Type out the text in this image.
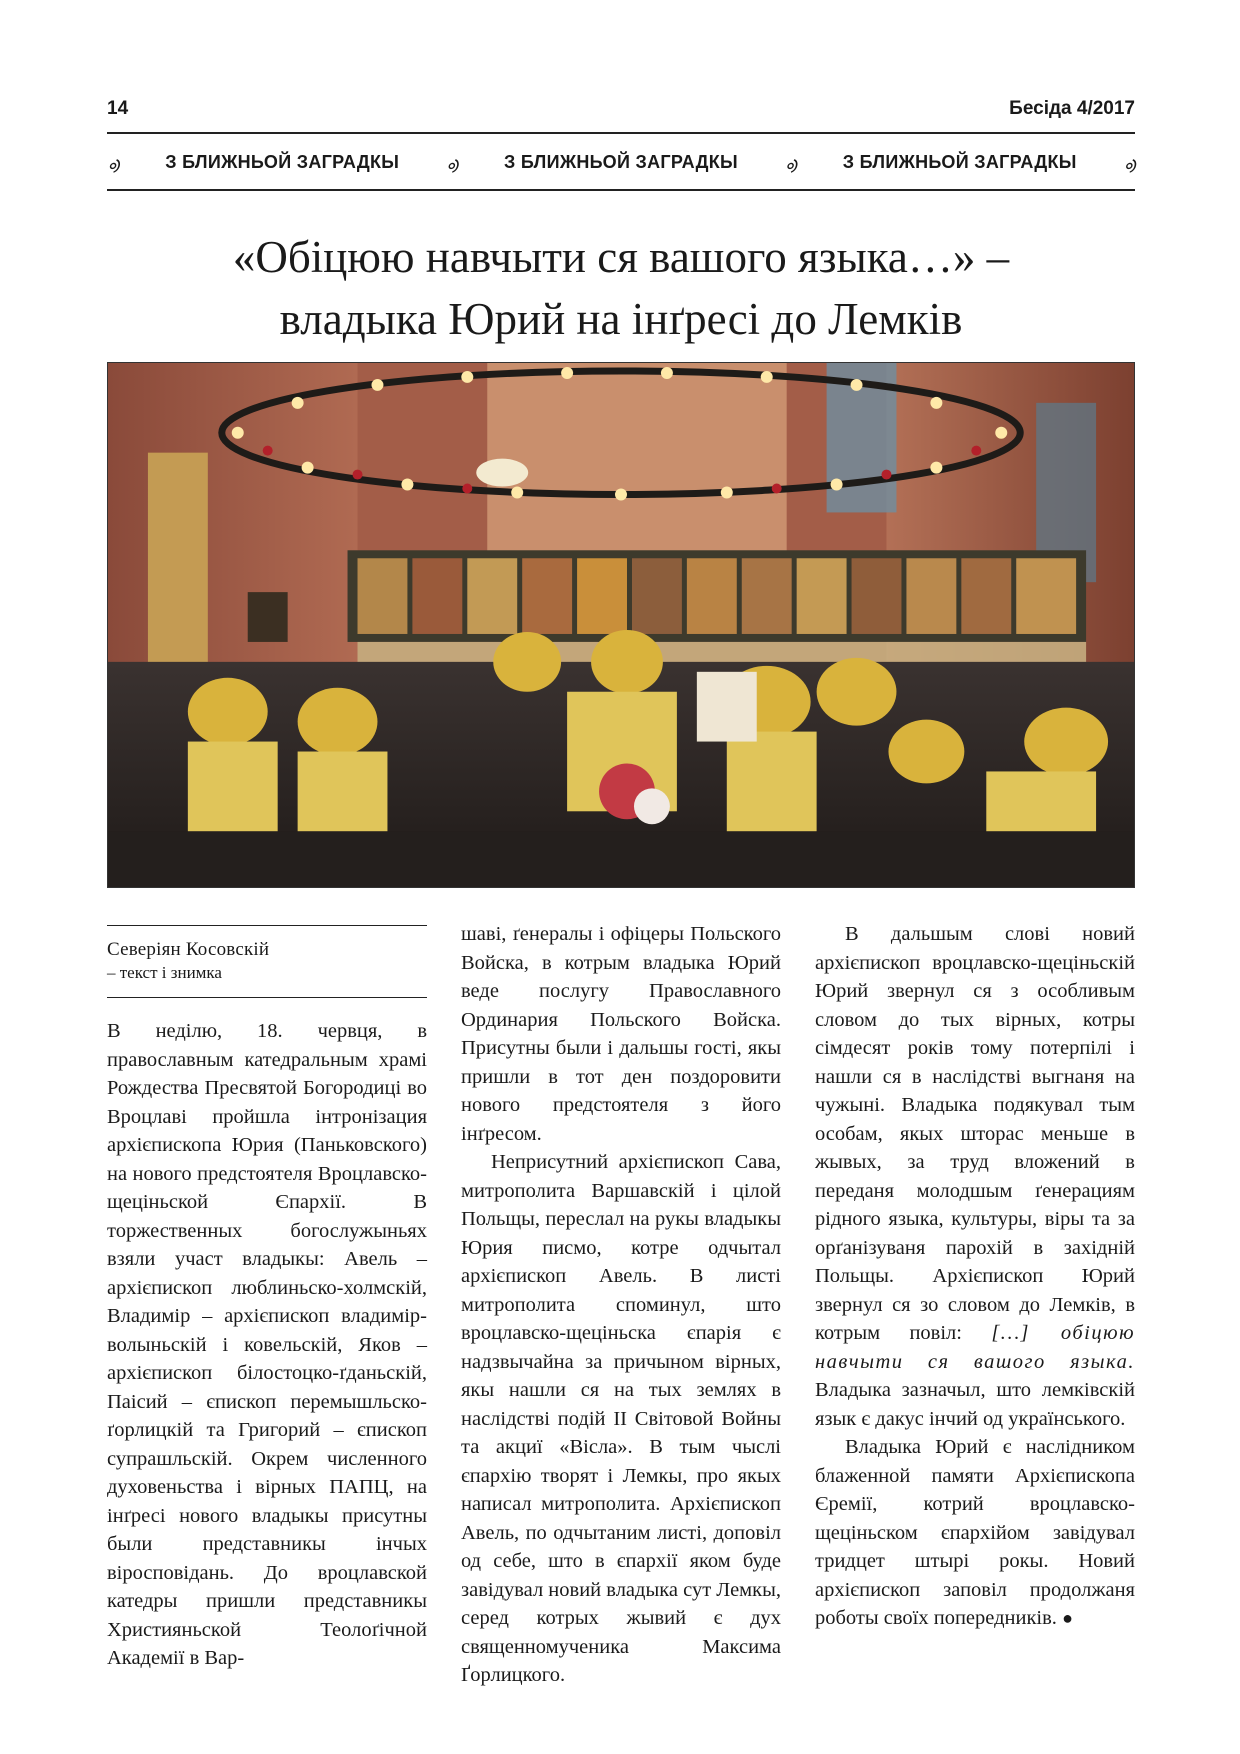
14	Бесіда 4/2017
ᢀ	З БЛИЖНЬОЙ ЗАГРАДКЫ ᢀ	З БЛИЖНЬОЙ ЗАГРАДКЫ ᢀ	З БЛИЖНЬОЙ ЗАГРАДКЫ ᢀ
«Обіцюю навчыти ся вашого языка…» –
владыка Юрий на інґресі до Лемків
Северіян Косовскій
– текст і знимка

В неділю, 18. червця, в православным катедральным храмі Рождества Пресвятой Богородиці во Вроцлаві пройшла інтронізация архієпископа Юрия (Паньковского) на нового предстоятеля Вроцлавско-щеціньской Єпархії. В торжественных богослужыньях взяли участ владыкы: Авель – архієпископ люблиньско-холмскій, Владимір – архієпископ владимір-волыньскій і ковельскій, Яков – архієпископ білостоцко-ґданьскій, Паісий – єпископ перемышльско-ґорлицкій та Григорий – єпископ супрашльскій. Окрем численного духовеньства і вірных ПАПЦ, на інґресі нового владыкы присутны были представникы інчых віросповідань. До вроцлавской катедры пришли представникы Християньской Теолоґічной Академії в Вар-

шаві, ґенералы і офіцеры Польского Войска, в котрым владыка Юрий веде послугу Православного Ординария Польского Войска. Присутны были і дальшы гості, якы пришли в тот ден поздоровити нового предстоятеля з його інґресом.

Неприсутний архієпископ Сава, митрополита Варшавскій і цілой Польщы, переслал на рукы владыкы Юрия писмо, котре одчытал архієпископ Авель. В листі митрополита споминул, што вроцлавско-щеціньска єпарія є надзвычайна за причыном вірных, якы нашли ся на тых землях в наслідстві подій ІІ Світовой Войны та акциї «Вісла». В тым чыслі єпархію творят і Лемкы, про якых написал митрополита. Архієпископ Авель, по одчытаним листі, доповіл од себе, што в єпархії яком буде завідувал новий владыка сут Лемкы, серед котрых жывий є дух священномученика Максима Ґорлицкого.

В дальшым слові новий архієпископ вроцлавско-щеціньскій Юрий звернул ся з особливым словом до тых вірных, котры сімдесят років тому потерпілі і нашли ся в наслідстві выгнаня на чужыні. Владыка подякувал тым особам, якых шторас меньше в жывых, за труд вложений в переданя молодшым ґенерациям рідного языка, культуры, віры та за орґанізуваня парохій в західній Польщы. Архієпископ Юрий звернул ся зо словом до Лемків, в котрым повіл: […] обіцюю навчыти ся вашого языка. Владыка зазначыл, што лемківскій язык є дакус інчий од українського.

Владыка Юрий є наслідником блаженной памяти Архієпископа Єремії, котрий вроцлавско-щеціньском єпархійом завідувал тридцет штырі рокы. Новий архієпископ заповіл продолжаня роботы своїх попередників. ●
